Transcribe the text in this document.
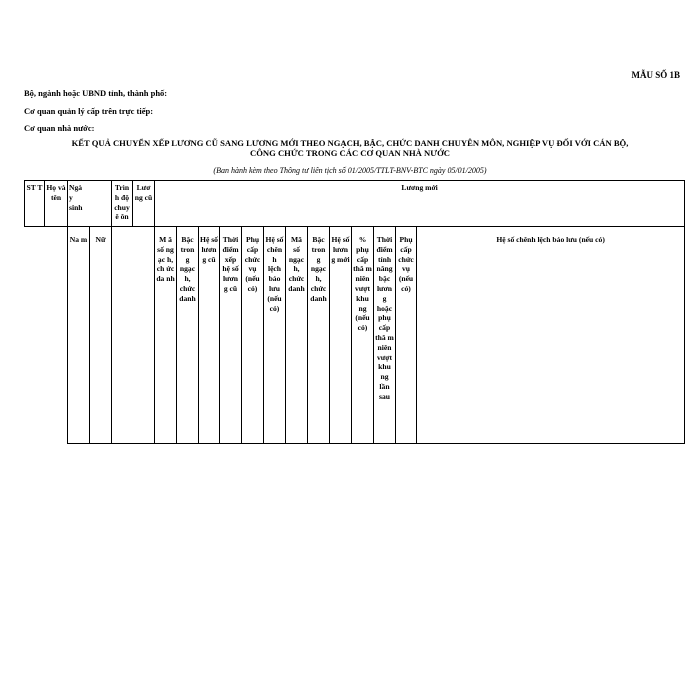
MẪU SỐ 1B
Bộ, ngành hoặc UBND tỉnh, thành phố:
Cơ quan quản lý cấp trên trực tiếp:
Cơ quan nhà nước:
KẾT QUẢ CHUYỂN XẾP LƯƠNG CŨ SANG LƯƠNG MỚI THEO NGẠCH, BẬC, CHỨC DANH CHUYÊN MÔN, NGHIỆP VỤ ĐỐI VỚI CÁN BỘ,
CÔNG CHỨC TRONG CÁC CƠ QUAN NHÀ NƯỚC
(Ban hành kèm theo Thông tư liên tịch số 01/2005/TTLT-BNV-BTC ngày 05/01/2005)
ST T	Họ và tên	Ngà y sinh		Trìn h độ chuyê ôn	Lươ ng cũ	Lương mới												

		Na m	Nữ			M ã số ng ạc h, ch ức da nh	Bậc tron g ngạc h, chức danh	Hệ số lươn g cũ	Thời điểm xếp hệ số lươn g cũ	Phụ cấp chức vụ (nếu có)	Hệ số chên h lệch bảo lưu (nếu có)	Mã số ngạc h, chức danh	Bậc tron g ngạc h, chức danh	Hệ số lươn g mới	% phụ cấp thâ m niên vượt khu ng (nếu có)	Thời điểm tính nâng bậc lươn g hoặc phụ cấp thâ m niên vượt khu ng lần sau	Phụ cấp chức vụ (nếu có)	Hệ số chênh lệch bảo lưu (nếu có)
